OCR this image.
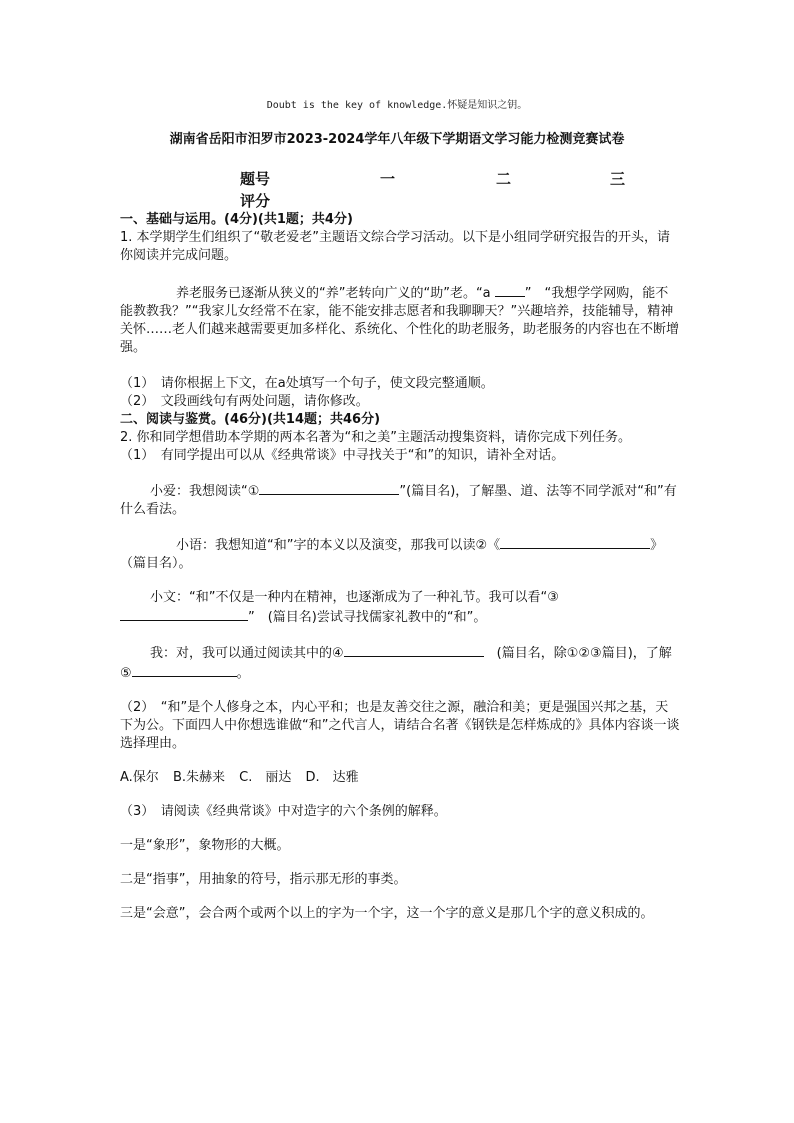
Doubt is the key of knowledge.怀疑是知识之钥。
湖南省岳阳市汨罗市2023-2024学年八年级下学期语文学习能力检测竞赛试卷
题号	一	二	三
评分

一、基础与运用。(4分)(共1题；共4分)

1. 本学期学生们组织了“敬老爱老”主题语文综合学习活动。以下是小组同学研究报告的开头，请你阅读并完成问题。

养老服务已逐渐从狭义的“养”老转向广义的“助”老。“a	”　“我想学学网购，能不能教教我？”“我家儿女经常不在家，能不能安排志愿者和我聊聊天？”兴趣培养，技能辅导，精神关怀……老人们越来越需要更加多样化、系统化、个性化的助老服务，助老服务的内容也在不断增强。

（1）　请你根据上下文，在a处填写一个句子，使文段完整通顺。

（2）　文段画线句有两处问题，请你修改。

二、阅读与鉴赏。(46分)(共14题；共46分)

2. 你和同学想借助本学期的两本名著为“和之美”主题活动搜集资料，请你完成下列任务。

（1）　有同学提出可以从《经典常谈》中寻找关于“和”的知识，请补全对话。

小爱：我想阅读“①	”(篇目名)，了解墨、道、法等不同学派对“和”有什么看法。

小语：我想知道“和”字的本义以及演变，那我可以读②《	》（篇目名）。

小文：“和”不仅是一种内在精神，也逐渐成为了一种礼节。我可以看“③”　(篇目名)尝试寻找儒家礼教中的“和”。

我：对，我可以通过阅读其中的④	　(篇目名，除①②③篇目)，了解⑤	。

（2）　“和”是个人修身之本，内心平和；也是友善交往之源，融洽和美；更是强国兴邦之基，天下为公。下面四人中你想选谁做“和”之代言人，请结合名著《钢铁是怎样炼成的》具体内容谈一谈选择理由。

A.保尔 B.朱赫来 C.　丽达 D.　达雅

（3）　请阅读《经典常谈》中对造字的六个条例的解释。

一是“象形”，象物形的大概。

二是“指事”，用抽象的符号，指示那无形的事类。

三是“会意”，会合两个或两个以上的字为一个字，这一个字的意义是那几个字的意义积成的。
